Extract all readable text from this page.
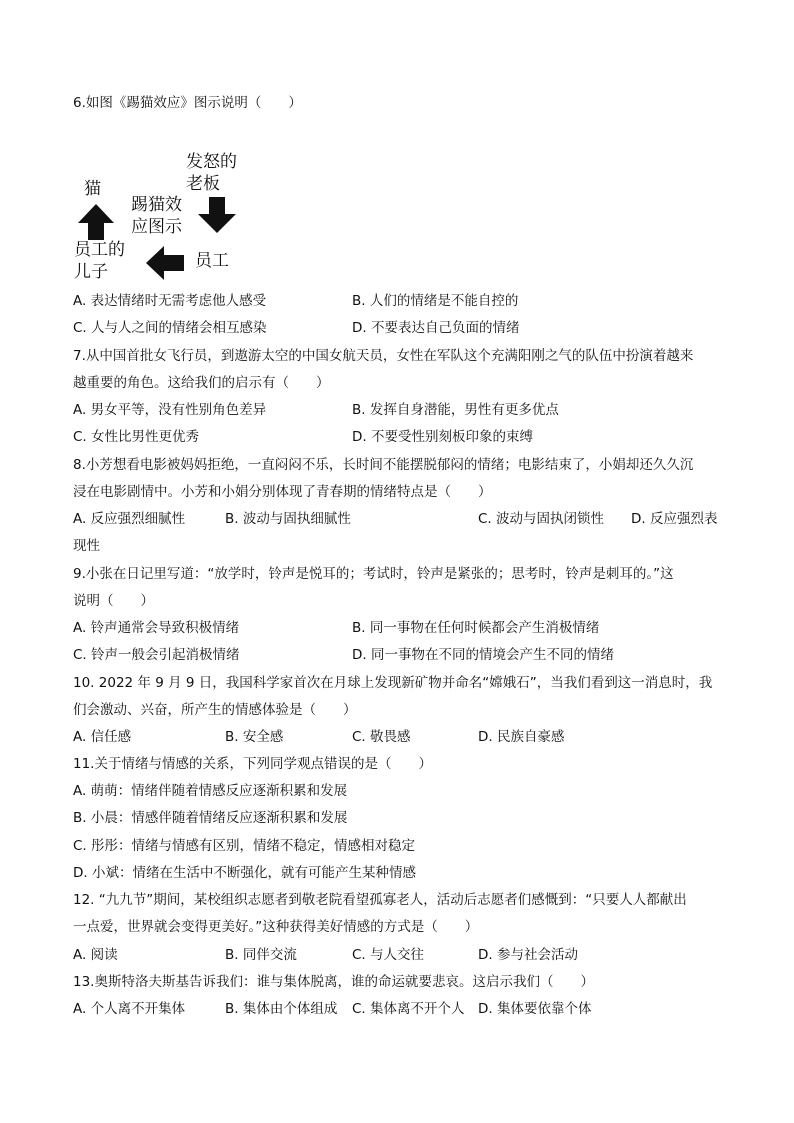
6.如图《踢猫效应》图示说明（　　）
发怒的
老板
猫
踢猫效
应图示
员工
员工的
儿子
A. 表达情绪时无需考虑他人感受	B. 人们的情绪是不能自控的
C. 人与人之间的情绪会相互感染	D. 不要表达自己负面的情绪
7.从中国首批女飞行员，到遨游太空的中国女航天员，女性在军队这个充满阳刚之气的队伍中扮演着越来
越重要的角色。这给我们的启示有（　　）
A. 男女平等，没有性别角色差异	B. 发挥自身潜能，男性有更多优点
C. 女性比男性更优秀	D. 不要受性别刻板印象的束缚
8.小芳想看电影被妈妈拒绝，一直闷闷不乐，长时间不能摆脱郁闷的情绪；电影结束了，小娟却还久久沉
浸在电影剧情中。小芳和小娟分别体现了青春期的情绪特点是（　　）
A. 反应强烈细腻性	B. 波动与固执细腻性	C. 波动与固执闭锁性 D. 反应强烈表
现性
9.小张在日记里写道：“放学时，铃声是悦耳的；考试时，铃声是紧张的；思考时，铃声是刺耳的。”这
说明（　　）
A. 铃声通常会导致积极情绪	B. 同一事物在任何时候都会产生消极情绪
C. 铃声一般会引起消极情绪	D. 同一事物在不同的情境会产生不同的情绪
10. 2022 年 9 月 9 日，我国科学家首次在月球上发现新矿物并命名“嫦娥石”，当我们看到这一消息时，我
们会激动、兴奋，所产生的情感体验是（　　）
A. 信任感	B. 安全感	C. 敬畏感	D. 民族自豪感
11.关于情绪与情感的关系，下列同学观点错误的是（　　）
A. 萌萌：情绪伴随着情感反应逐渐积累和发展
B. 小晨：情感伴随着情绪反应逐渐积累和发展
C. 彤彤：情绪与情感有区别，情绪不稳定，情感相对稳定
D. 小斌：情绪在生活中不断强化，就有可能产生某种情感
12. “九九节”期间，某校组织志愿者到敬老院看望孤寡老人，活动后志愿者们感慨到：“只要人人都献出
一点爱，世界就会变得更美好。”这种获得美好情感的方式是（　　）
A. 阅读	B. 同伴交流	C. 与人交往	D. 参与社会活动
13.奥斯特洛夫斯基告诉我们：谁与集体脱离，谁的命运就要悲哀。这启示我们（　　）
A. 个人离不开集体	B. 集体由个体组成 C. 集体离不开个人 D. 集体要依靠个体
